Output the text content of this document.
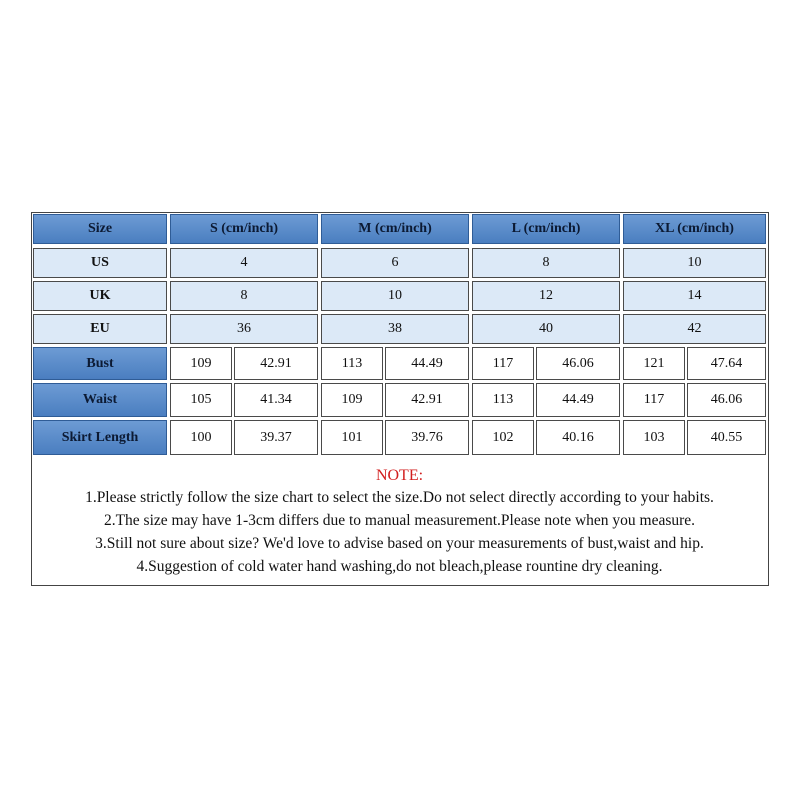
Size	S (cm/inch)	M (cm/inch)	L (cm/inch)	XL (cm/inch)
US	4	6	8	10
UK	8	10	12	14
EU	36	38	40	42
Bust	109	42.91	113	44.49	117	46.06	121	47.64
Waist	105	41.34	109	42.91	113	44.49	117	46.06
Skirt Length	100	39.37	101	39.76	102	40.16	103	40.55
NOTE:
1.Please strictly follow the size chart to select the size.Do not select directly according to your habits.
2.The size may have 1-3cm differs due to manual measurement.Please note when you measure.
3.Still not sure about size? We'd love to advise based on your measurements of bust,waist and hip.
4.Suggestion of cold water hand washing,do not bleach,please rountine dry cleaning.
